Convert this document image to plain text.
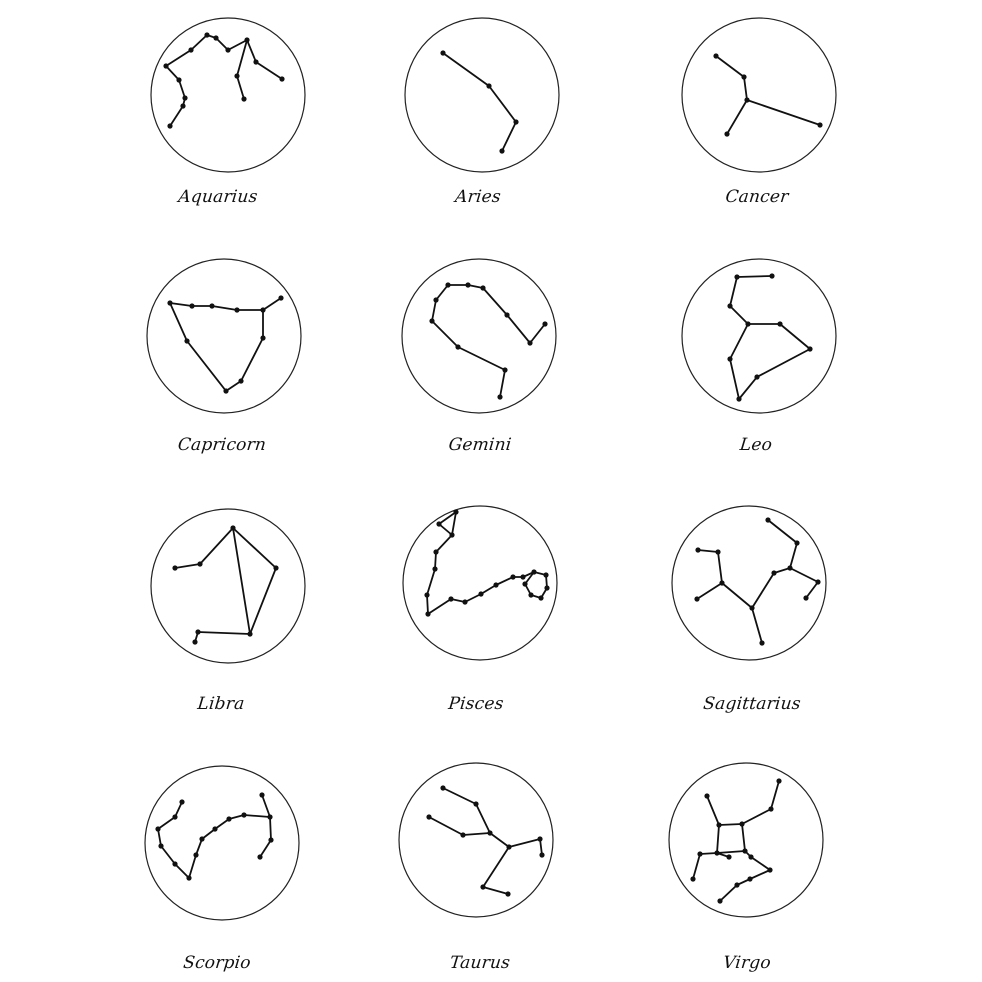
Aquarius	Aries	Cancer
Capricorn	Gemini	Leo
Libra	Pisces	Sagittarius
Scorpio	Taurus	Virgo
